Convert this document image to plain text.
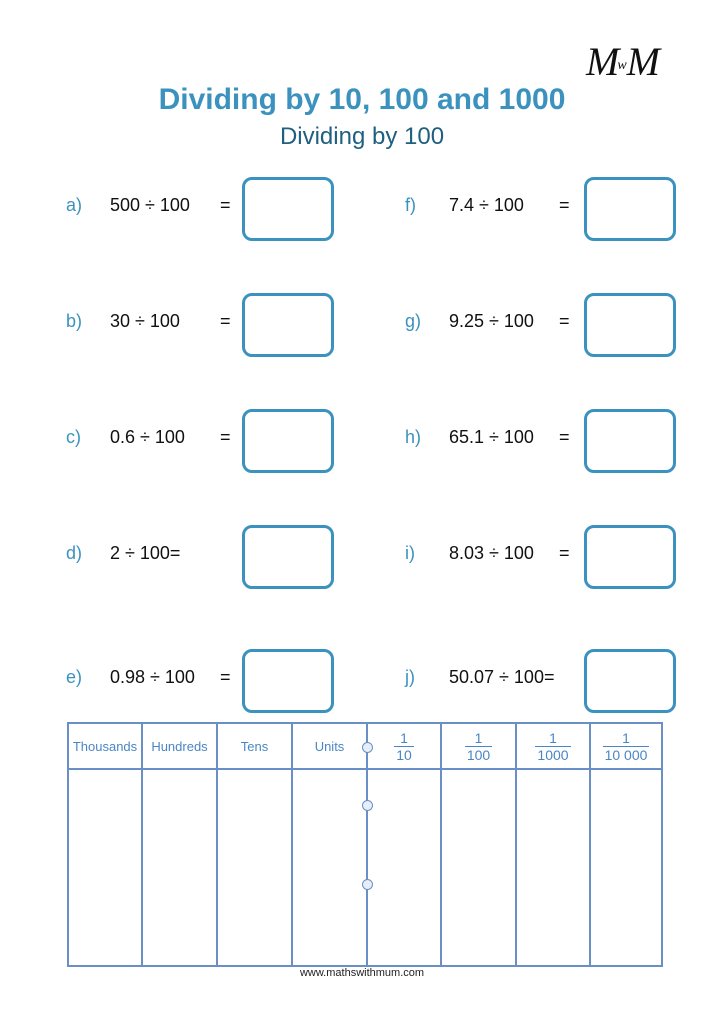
MwM
Dividing by 10, 100 and 1000
Dividing by 100
a) 500 ÷ 100 =
b) 30 ÷ 100 =
c) 0.6 ÷ 100 =
d) 2 ÷ 100=
e) 0.98 ÷ 100 =
f) 7.4 ÷ 100 =
g) 9.25 ÷ 100 =
h) 65.1 ÷ 100 =
i) 8.03 ÷ 100 =
j) 50.07 ÷ 100=
Thousands Hundreds	Tens	Units	$\frac{1}{10}$	$\frac{1}{100}$	$\frac{1}{1000} \frac{1}{10 000}$
www.mathswithmum.com
